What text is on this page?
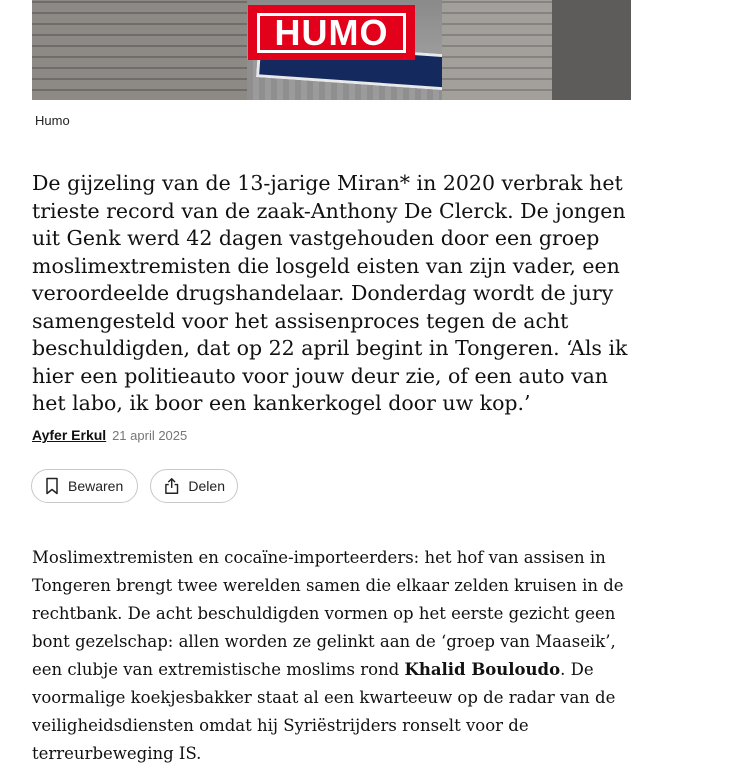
HUMO
Humo

De gijzeling van de 13-jarige Miran* in 2020 verbrak het trieste record van de zaak-Anthony De Clerck. De jongen uit Genk werd 42 dagen vastgehouden door een groep moslimextremisten die losgeld eisten van zijn vader, een veroordeelde drugshandelaar. Donderdag wordt de jury samengesteld voor het assisenproces tegen de acht beschuldigden, dat op 22 april begint in Tongeren. ‘Als ik hier een politieauto voor jouw deur zie, of een auto van het labo, ik boor een kankerkogel door uw kop.’

Ayfer Erkul 21 april 2025
Bewaren	Delen

Moslimextremisten en cocaïne-importeerders: het hof van assisen in Tongeren brengt twee werelden samen die elkaar zelden kruisen in de rechtbank. De acht beschuldigden vormen op het eerste gezicht geen bont gezelschap: allen worden ze gelinkt aan de ‘groep van Maaseik’, een clubje van extremistische moslims rond Khalid Bouloudo. De voormalige koekjesbakker staat al een kwarteeuw op de radar van de veiligheidsdiensten omdat hij Syriëstrijders ronselt voor de terreurbeweging IS.
